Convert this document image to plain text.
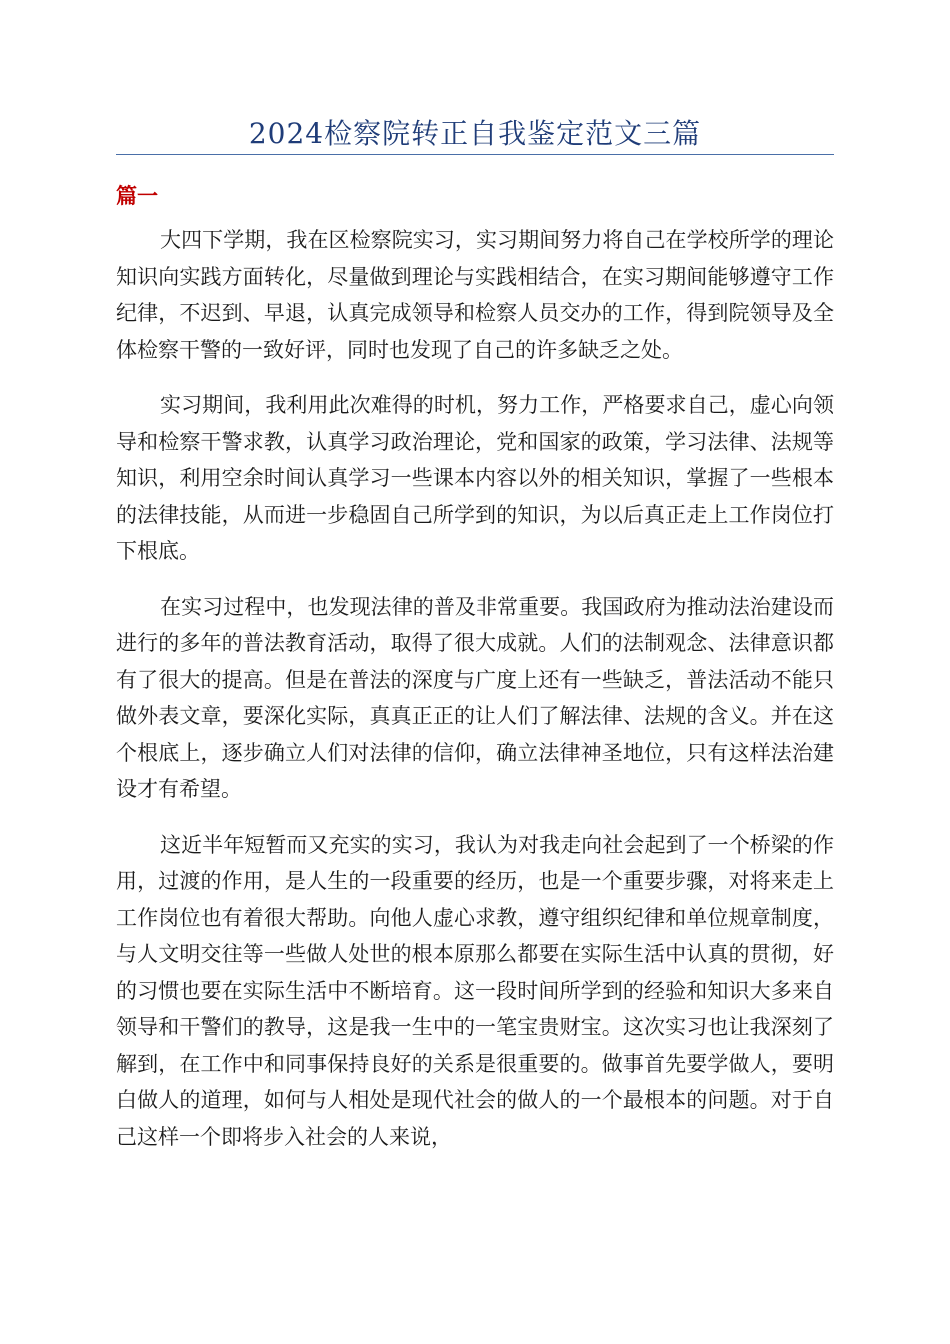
2024检察院转正自我鉴定范文三篇
篇一

大四下学期，我在区检察院实习，实习期间努力将自己在学校所学的理论知识向实践方面转化，尽量做到理论与实践相结合，在实习期间能够遵守工作纪律，不迟到、早退，认真完成领导和检察人员交办的工作，得到院领导及全体检察干警的一致好评，同时也发现了自己的许多缺乏之处。

实习期间，我利用此次难得的时机，努力工作，严格要求自己，虚心向领导和检察干警求教，认真学习政治理论，党和国家的政策，学习法律、法规等知识，利用空余时间认真学习一些课本内容以外的相关知识，掌握了一些根本的法律技能，从而进一步稳固自己所学到的知识，为以后真正走上工作岗位打下根底。

在实习过程中，也发现法律的普及非常重要。我国政府为推动法治建设而进行的多年的普法教育活动，取得了很大成就。人们的法制观念、法律意识都有了很大的提高。但是在普法的深度与广度上还有一些缺乏，普法活动不能只做外表文章，要深化实际，真真正正的让人们了解法律、法规的含义。并在这个根底上，逐步确立人们对法律的信仰，确立法律神圣地位，只有这样法治建设才有希望。

这近半年短暂而又充实的实习，我认为对我走向社会起到了一个桥梁的作用，过渡的作用，是人生的一段重要的经历，也是一个重要步骤，对将来走上工作岗位也有着很大帮助。向他人虚心求教，遵守组织纪律和单位规章制度，与人文明交往等一些做人处世的根本原那么都要在实际生活中认真的贯彻，好的习惯也要在实际生活中不断培育。这一段时间所学到的经验和知识大多来自领导和干警们的教导，这是我一生中的一笔宝贵财宝。这次实习也让我深刻了解到，在工作中和同事保持良好的关系是很重要的。做事首先要学做人，要明白做人的道理，如何与人相处是现代社会的做人的一个最根本的问题。对于自己这样一个即将步入社会的人来说，
